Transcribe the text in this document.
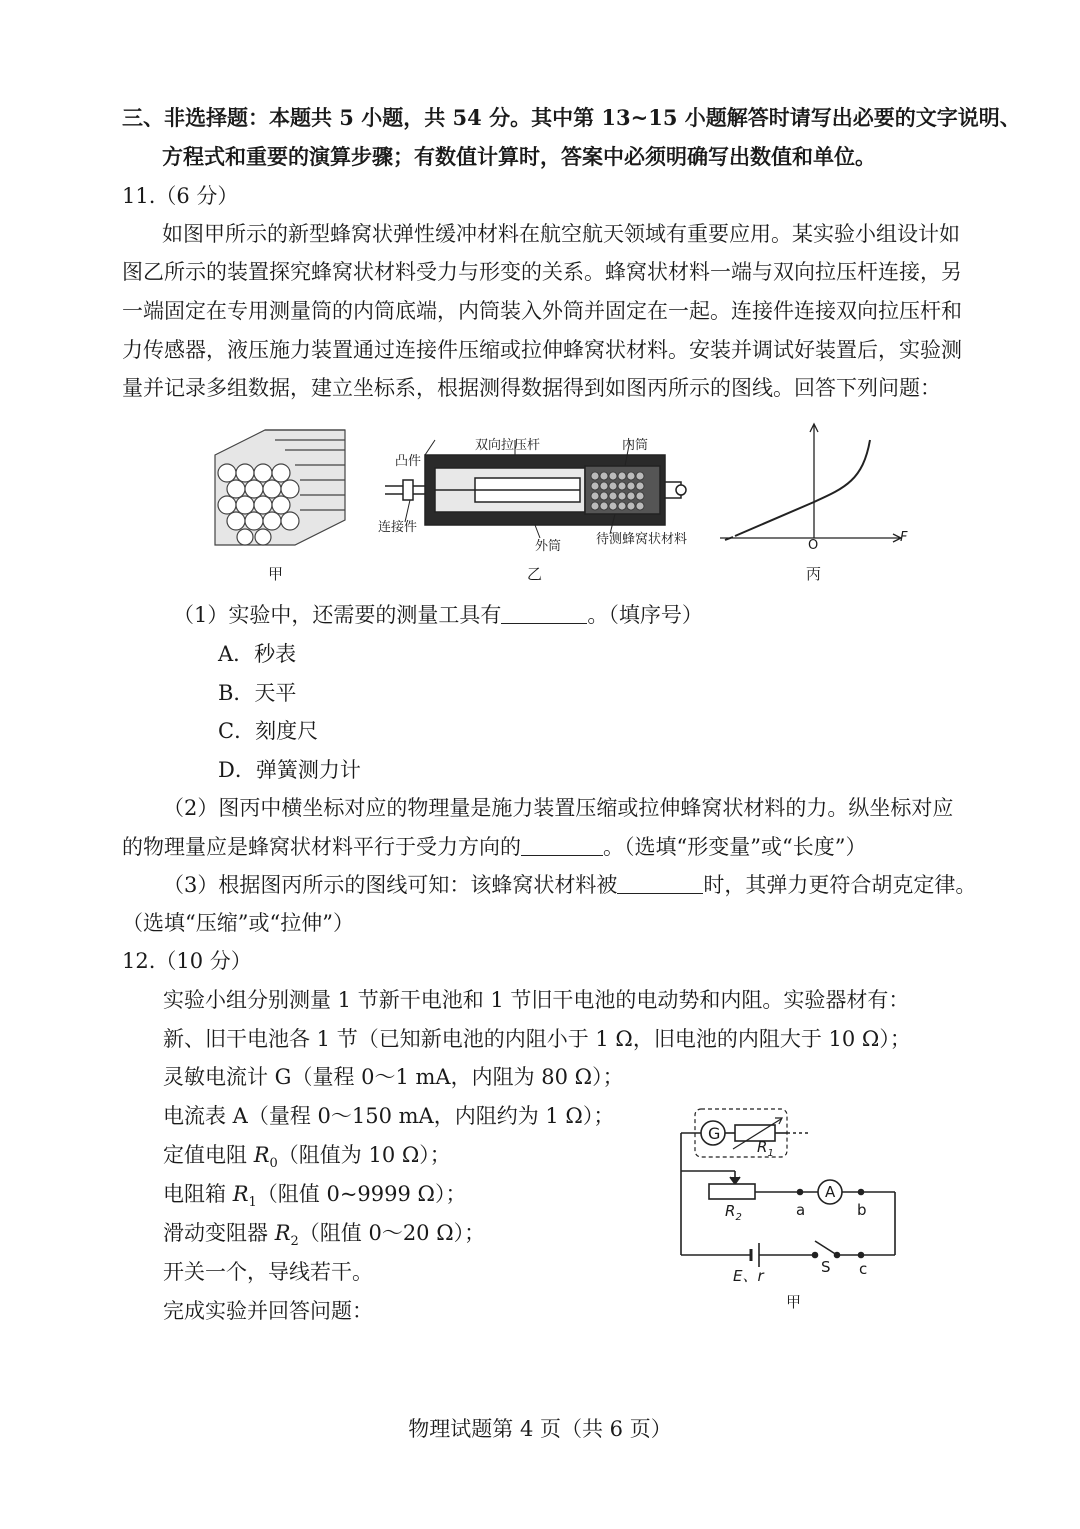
三、非选择题：本题共 5 小题，共 54 分。其中第 13~15 小题解答时请写出必要的文字说明、
方程式和重要的演算步骤；有数值计算时，答案中必须明确写出数值和单位。
11.（6 分）
如图甲所示的新型蜂窝状弹性缓冲材料在航空航天领域有重要应用。某实验小组设计如
图乙所示的装置探究蜂窝状材料受力与形变的关系。蜂窝状材料一端与双向拉压杆连接，另
一端固定在专用测量筒的内筒底端，内筒装入外筒并固定在一起。连接件连接双向拉压杆和
力传感器，液压施力装置通过连接件压缩或拉伸蜂窝状材料。安装并调试好装置后，实验测
量并记录多组数据，建立坐标系，根据测得数据得到如图丙所示的图线。回答下列问题：
甲
凸件
双向拉压杆	内筒
连接件
外筒	待测蜂窝状材料
乙
O
F
丙
（1）实验中，还需要的测量工具有	。（填序号）
A．秒表
B．天平
C．刻度尺
D．弹簧测力计
（2）图丙中横坐标对应的物理量是施力装置压缩或拉伸蜂窝状材料的力。纵坐标对应
的物理量应是蜂窝状材料平行于受力方向的	。（选填“形变量”或“长度”）
（3）根据图丙所示的图线可知：该蜂窝状材料被	时，其弹力更符合胡克定律。
（选填“压缩”或“拉伸”）
12.（10 分）
实验小组分别测量 1 节新干电池和 1 节旧干电池的电动势和内阻。实验器材有：
新、旧干电池各 1 节（已知新电池的内阻小于 1 Ω，旧电池的内阻大于 10 Ω）；
灵敏电流计 G（量程 0～1 mA，内阻为 80 Ω）；
电流表 A（量程 0～150 mA，内阻约为 1 Ω）；
定值电阻 $R_0$（阻值为 10 Ω）；
电阻箱 $R_1$（阻值 0~9999 Ω）；
滑动变阻器 $R_2$（阻值 0～20 Ω）；
开关一个，导线若干。
完成实验并回答问题：
G
$R_1$
$R_2$
A
a	b
c
S
E、r
甲
物理试题第 4 页（共 6 页）
